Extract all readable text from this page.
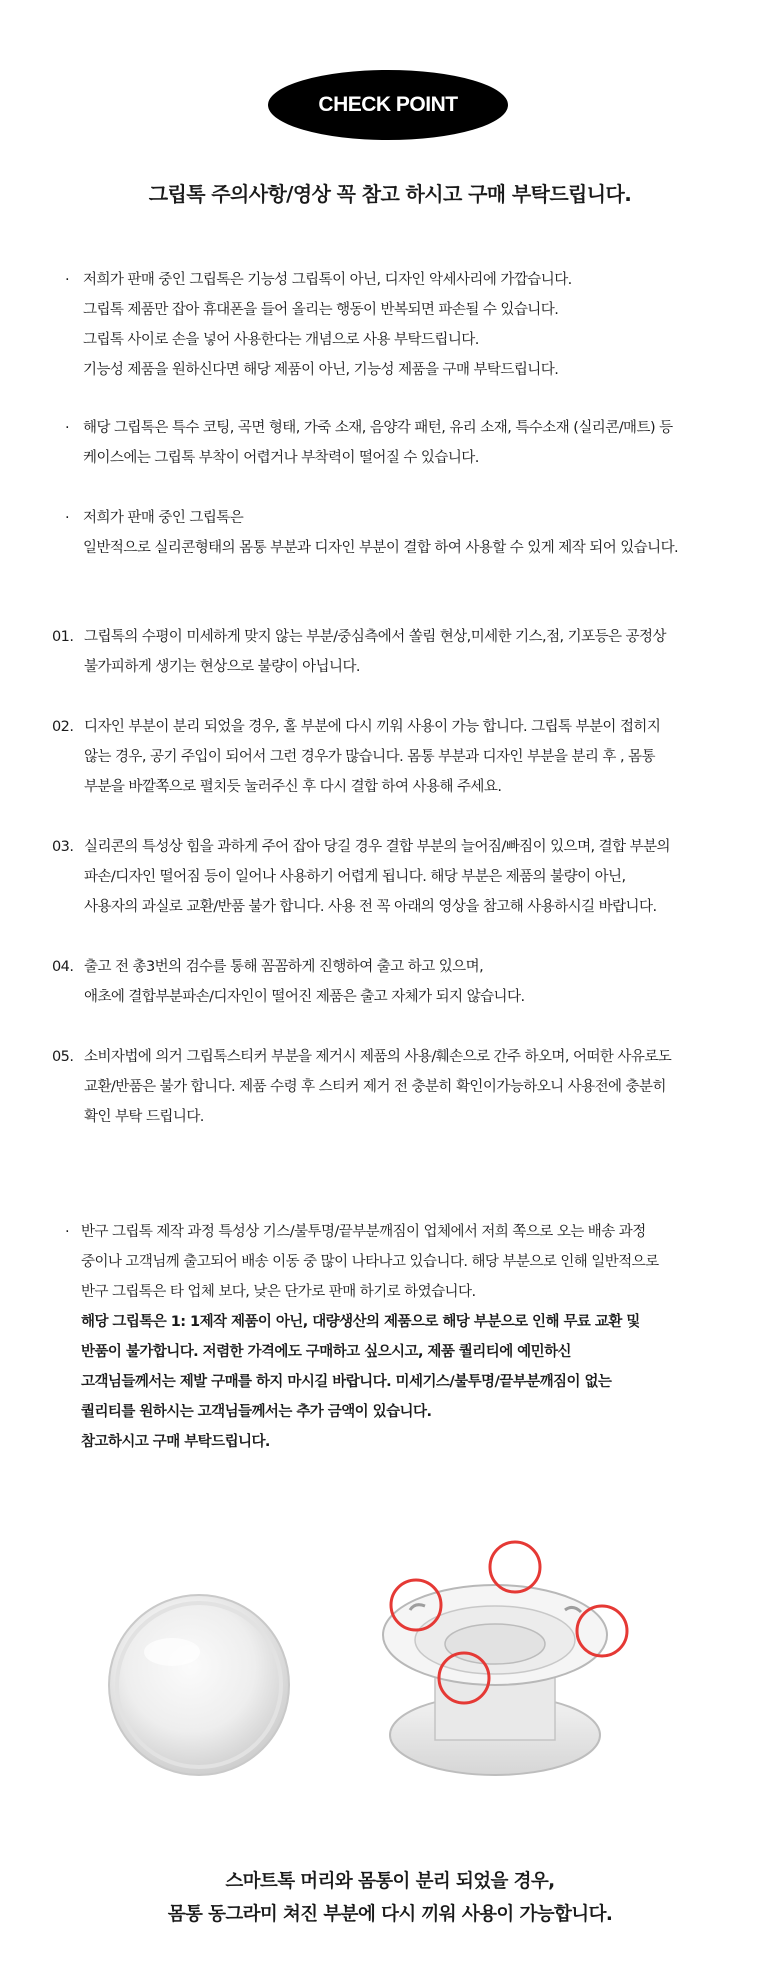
CHECK POINT
그립톡 주의사항/영상 꼭 참고 하시고 구매 부탁드립니다.
· 저희가 판매 중인 그립톡은 기능성 그립톡이 아닌, 디자인 악세사리에 가깝습니다.

그립톡 제품만 잡아 휴대폰을 들어 올리는 행동이 반복되면 파손될 수 있습니다.

그립톡 사이로 손을 넣어 사용한다는 개념으로 사용 부탁드립니다.

기능성 제품을 원하신다면 해당 제품이 아닌, 기능성 제품을 구매 부탁드립니다.

· 해당 그립톡은 특수 코팅, 곡면 형태, 가죽 소재, 음양각 패턴, 유리 소재, 특수소재 (실리콘/매트) 등

케이스에는 그립톡 부착이 어렵거나 부착력이 떨어질 수 있습니다.

· 저희가 판매 중인 그립톡은

일반적으로 실리콘형태의 몸통 부분과 디자인 부분이 결합 하여 사용할 수 있게 제작 되어 있습니다.

01. 그립톡의 수평이 미세하게 맞지 않는 부분/중심측에서 쏠림 현상,미세한 기스,점, 기포등은 공정상

불가피하게 생기는 현상으로 불량이 아닙니다.

02. 디자인 부분이 분리 되었을 경우, 홀 부분에 다시 끼워 사용이 가능 합니다. 그립톡 부분이 접히지

않는 경우, 공기 주입이 되어서 그런 경우가 많습니다. 몸통 부분과 디자인 부분을 분리 후 , 몸통

부분을 바깥쪽으로 펼치듯 눌러주신 후 다시 결합 하여 사용해 주세요.

03. 실리콘의 특성상 힘을 과하게 주어 잡아 당길 경우 결합 부분의 늘어짐/빠짐이 있으며, 결합 부분의

파손/디자인 떨어짐 등이 일어나 사용하기 어렵게 됩니다. 해당 부분은 제품의 불량이 아닌,

사용자의 과실로 교환/반품 불가 합니다. 사용 전 꼭 아래의 영상을 참고해 사용하시길 바랍니다.

04. 출고 전 총3번의 검수를 통해 꼼꼼하게 진행하여 출고 하고 있으며,

애초에 결합부분파손/디자인이 떨어진 제품은 출고 자체가 되지 않습니다.

05. 소비자법에 의거 그립톡스티커 부분을 제거시 제품의 사용/훼손으로 간주 하오며, 어떠한 사유로도

교환/반품은 불가 합니다. 제품 수령 후 스티커 제거 전 충분히 확인이가능하오니 사용전에 충분히

확인 부탁 드립니다.

· 반구 그립톡 제작 과정 특성상 기스/불투명/끝부분깨짐이 업체에서 저희 쪽으로 오는 배송 과정

중이나 고객님께 출고되어 배송 이동 중 많이 나타나고 있습니다. 해당 부분으로 인해 일반적으로

반구 그립톡은 타 업체 보다, 낮은 단가로 판매 하기로 하였습니다.

해당 그립톡은 1: 1제작 제품이 아닌, 대량생산의 제품으로 해당 부분으로 인해 무료 교환 및

반품이 불가합니다. 저렴한 가격에도 구매하고 싶으시고, 제품 퀄리티에 예민하신

고객님들께서는 제발 구매를 하지 마시길 바랍니다. 미세기스/불투명/끝부분깨짐이 없는

퀄리티를 원하시는 고객님들께서는 추가 금액이 있습니다.

참고하시고 구매 부탁드립니다.

스마트톡 머리와 몸통이 분리 되었을 경우,

몸통 동그라미 쳐진 부분에 다시 끼워 사용이 가능합니다.
